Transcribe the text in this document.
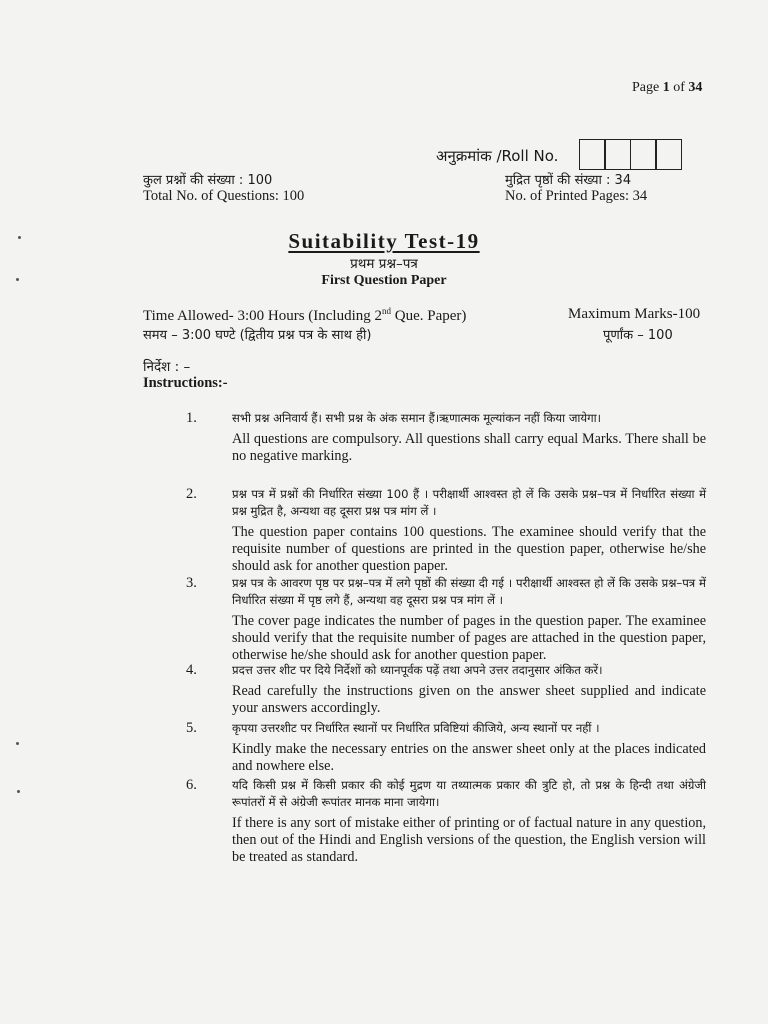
Page 1 of 34
अनुक्रमांक /Roll No.
कुल प्रश्नों की संख्या : 100
Total No. of Questions: 100
मुद्रित पृष्ठों की संख्या : 34
No. of Printed Pages: 34
Suitability Test-19
प्रथम प्रश्न–पत्र
First Question Paper
Time Allowed- 3:00 Hours (Including 2nd Que. Paper)
समय – 3:00 घण्टे (द्वितीय प्रश्न पत्र के साथ ही)
Maximum Marks-100
पूर्णांक – 100
निर्देश : –
Instructions:-
1.	सभी प्रश्न अनिवार्य हैं। सभी प्रश्न के अंक समान हैं।ऋणात्मक मूल्यांकन नहीं किया जायेगा।
All questions are compulsory. All questions shall carry equal Marks. There shall be no negative marking.
2.	प्रश्न पत्र में प्रश्नों की निर्धारित संख्या 100 हैं । परीक्षार्थी आश्वस्त हो लें कि उसके प्रश्न–पत्र में निर्धारित संख्या में प्रश्न मुद्रित है, अन्यथा वह दूसरा प्रश्न पत्र मांग लें ।
The question paper contains 100 questions. The examinee should verify that the requisite number of questions are printed in the question paper, otherwise he/she should ask for another question paper.
3.	प्रश्न पत्र के आवरण पृष्ठ पर प्रश्न–पत्र में लगे पृष्ठों की संख्या दी गई । परीक्षार्थी आश्वस्त हो लें कि उसके प्रश्न–पत्र में निर्धारित संख्या में पृष्ठ लगे हैं, अन्यथा वह दूसरा प्रश्न पत्र मांग लें ।
The cover page indicates the number of pages in the question paper. The examinee should verify that the requisite number of pages are attached in the question paper, otherwise he/she should ask for another question paper.
4.	प्रदत्त उत्तर शीट पर दिये निर्देशों को ध्यानपूर्वक पढ़ें तथा अपने उत्तर तदानुसार अंकित करें।
Read carefully the instructions given on the answer sheet supplied and indicate your answers accordingly.
5.	कृपया उत्तरशीट पर निर्धारित स्थानों पर निर्धारित प्रविष्टियां कीजिये, अन्य स्थानों पर नहीं ।
Kindly make the necessary entries on the answer sheet only at the places indicated and nowhere else.
6.	यदि किसी प्रश्न में किसी प्रकार की कोई मुद्रण या तथ्यात्मक प्रकार की त्रुटि हो, तो प्रश्न के हिन्दी तथा अंग्रेजी रूपांतरों में से अंग्रेजी रूपांतर मानक माना जायेगा।
If there is any sort of mistake either of printing or of factual nature in any question, then out of the Hindi and English versions of the question, the English version will be treated as standard.
